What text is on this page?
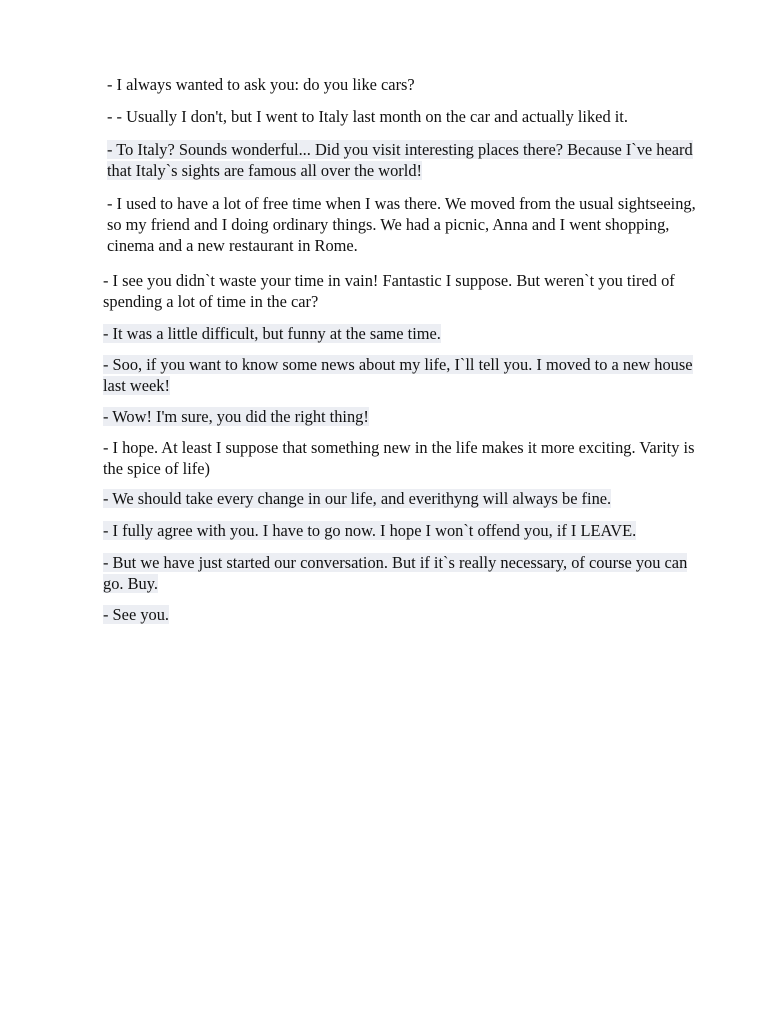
- I always wanted to ask you: do you like cars?
- - Usually I don't, but I went to Italy last month on the car and actually liked it.
- To Italy? Sounds wonderful... Did you visit interesting places there? Because I`ve heard that Italy`s sights are famous all over the world!
- I used to have a lot of free time when I was there. We moved from the usual sightseeing, so my friend and I doing ordinary things. We had a picnic, Anna and I went shopping, cinema and a new restaurant in Rome.
- I see you didn`t waste your time in vain! Fantastic I suppose. But weren`t you tired of spending a lot of time in the car?
- It was a little difficult, but funny at the same time.
- Soo, if you want to know some news about my life, I`ll tell you. I moved to a new house last week!
- Wow! I'm sure, you did the right thing!
- I hope. At least I suppose that something new in the life makes it more exciting. Varity is the spice of life)
- We should take every change in our life, and everithyng will always be fine.
- I fully agree with you. I have to go now. I hope I won`t offend you, if I LEAVE.
- But we have just started our conversation. But if it`s really necessary, of course you can go. Buy.
- See you.
